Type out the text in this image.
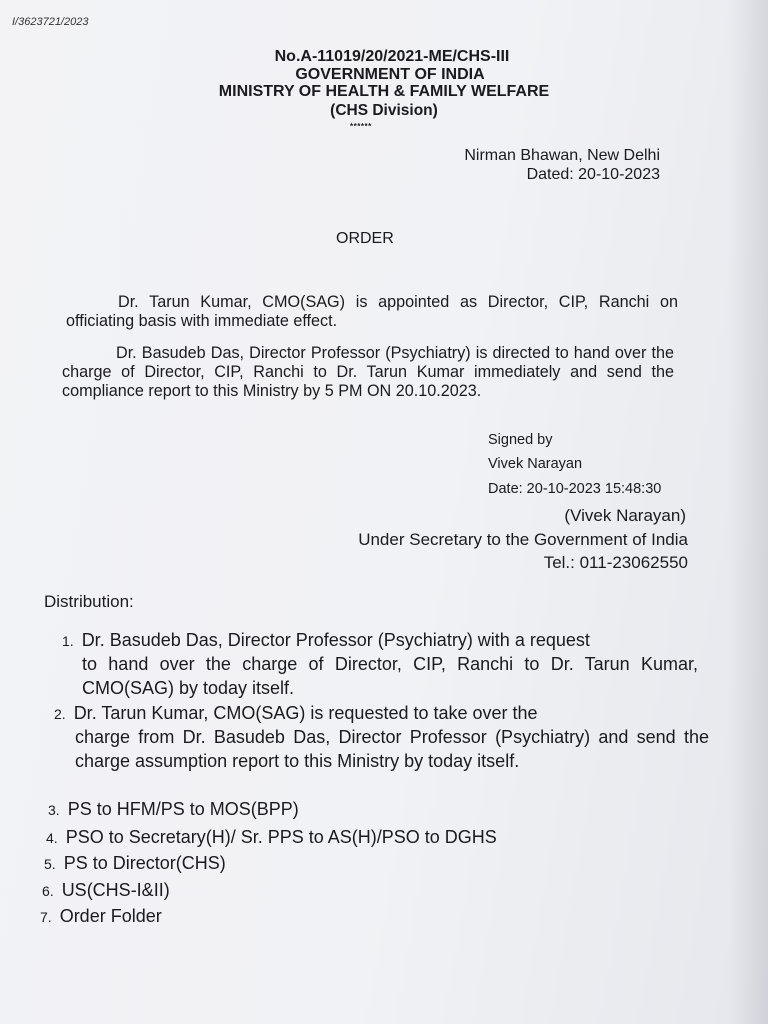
I/3623721/2023
No.A-11019/20/2021-ME/CHS-III
GOVERNMENT OF INDIA
MINISTRY OF HEALTH & FAMILY WELFARE
(CHS Division)
******
Nirman Bhawan, New Delhi
Dated: 20-10-2023
ORDER
Dr. Tarun Kumar, CMO(SAG) is appointed as Director, CIP, Ranchi on officiating basis with immediate effect.
Dr. Basudeb Das, Director Professor (Psychiatry) is directed to hand over the charge of Director, CIP, Ranchi to Dr. Tarun Kumar immediately and send the compliance report to this Ministry by 5 PM ON 20.10.2023.
Signed by
Vivek Narayan
Date: 20-10-2023 15:48:30
(Vivek Narayan)
Under Secretary to the Government of India
Tel.: 011-23062550
Distribution:
1. Dr. Basudeb Das, Director Professor (Psychiatry) with a request
to hand over the charge of Director, CIP, Ranchi to Dr. Tarun Kumar, CMO(SAG) by today itself.
2. Dr. Tarun Kumar, CMO(SAG) is requested to take over the
charge from Dr. Basudeb Das, Director Professor (Psychiatry) and send the charge assumption report to this Ministry by today itself.
3. PS to HFM/PS to MOS(BPP)
4. PSO to Secretary(H)/ Sr. PPS to AS(H)/PSO to DGHS
5. PS to Director(CHS)
6. US(CHS-I&II)
7. Order Folder
